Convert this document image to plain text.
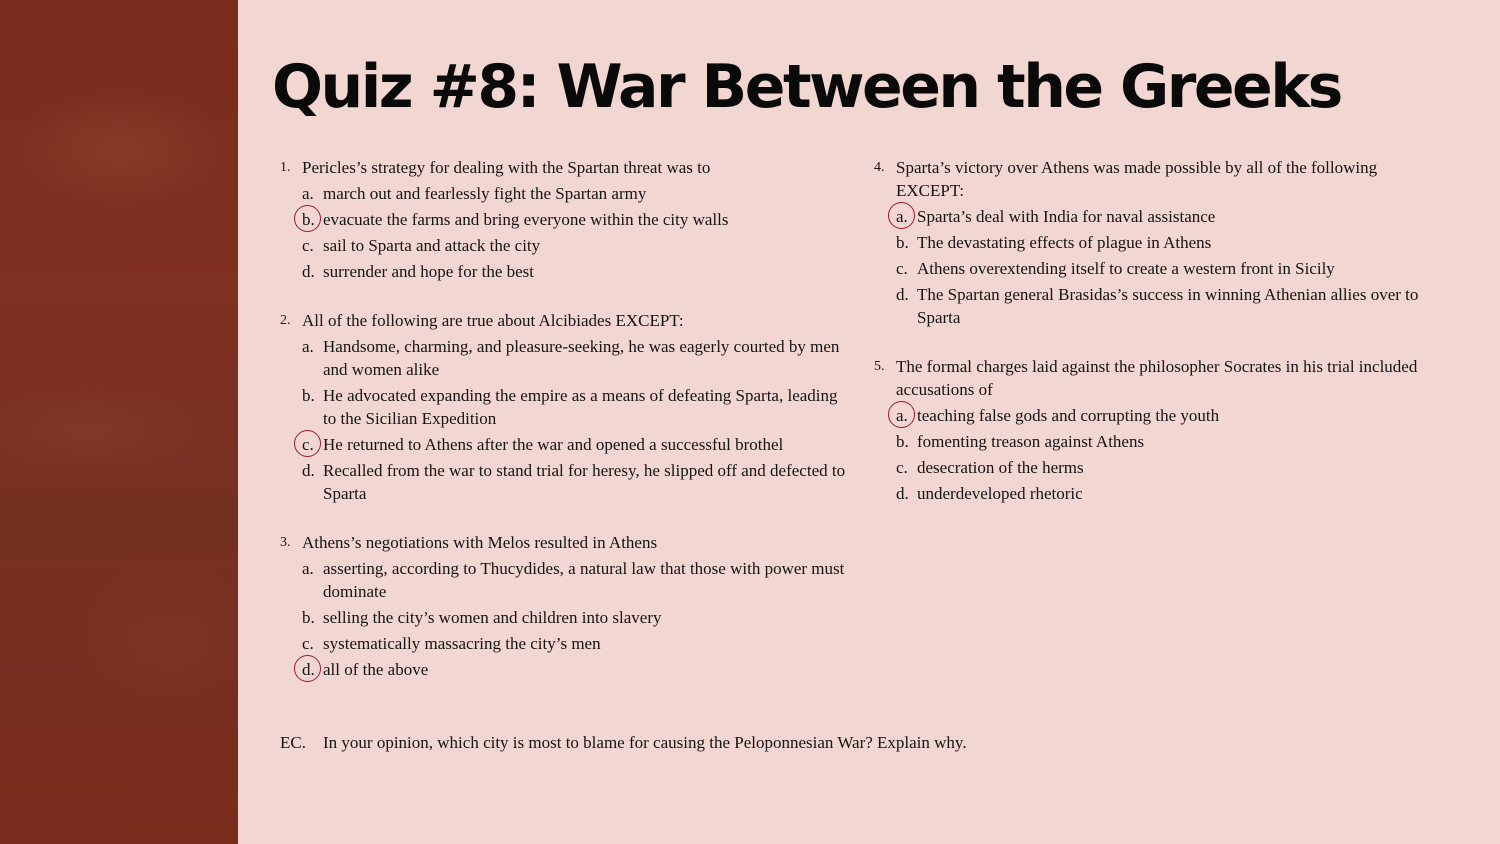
Quiz #8: War Between the Greeks
1. Pericles’s strategy for dealing with the Spartan threat was to
a. march out and fearlessly fight the Spartan army
b. evacuate the farms and bring everyone within the city walls
c. sail to Sparta and attack the city
d. surrender and hope for the best
2. All of the following are true about Alcibiades EXCEPT:
a. Handsome, charming, and pleasure-seeking, he was eagerly courted by men and women alike
b. He advocated expanding the empire as a means of defeating Sparta, leading to the Sicilian Expedition
c. He returned to Athens after the war and opened a successful brothel
d. Recalled from the war to stand trial for heresy, he slipped off and defected to Sparta
3. Athens’s negotiations with Melos resulted in Athens
a. asserting, according to Thucydides, a natural law that those with power must dominate
b. selling the city’s women and children into slavery
c. systematically massacring the city’s men
d. all of the above
4. Sparta’s victory over Athens was made possible by all of the following EXCEPT:
a. Sparta’s deal with India for naval assistance
b. The devastating effects of plague in Athens
c. Athens overextending itself to create a western front in Sicily
d. The Spartan general Brasidas’s success in winning Athenian allies over to Sparta
5. The formal charges laid against the philosopher Socrates in his trial included accusations of
a. teaching false gods and corrupting the youth
b. fomenting treason against Athens
c. desecration of the herms
d. underdeveloped rhetoric
EC. In your opinion, which city is most to blame for causing the Peloponnesian War? Explain why.
